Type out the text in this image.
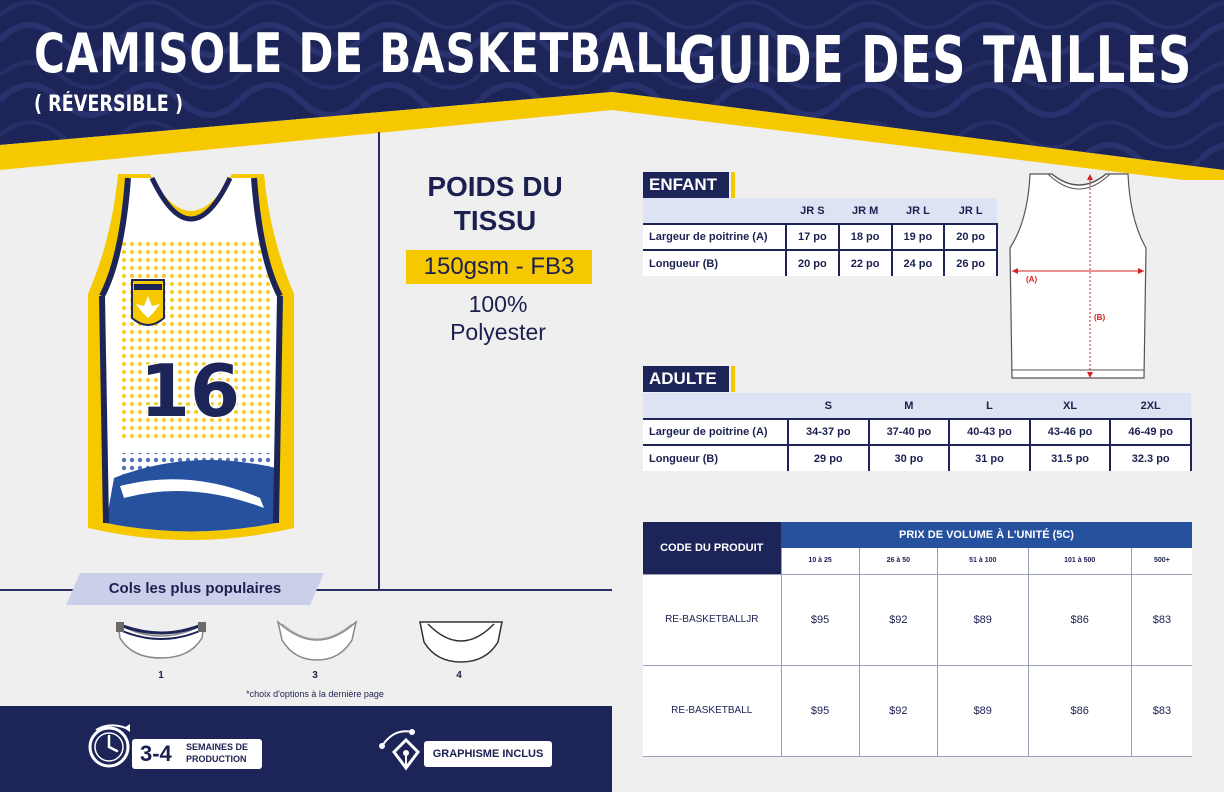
CAMISOLE DE BASKETBALL
( RÉVERSIBLE )
GUIDE DES TAILLES
16
POIDS DU TISSU
150gsm - FB3
100%
Polyester
Cols les plus populaires
1	3	4
*choix d'options à la dernière page
3-4 SEMAINES DE PRODUCTION	GRAPHISME INCLUS
ENFANT
	JR S	JR M	JR L	JR L
Largeur de poitrine (A)	17 po	18 po	19 po	20 po
Longueur (B)	20 po	22 po	24 po	26 po
(A)
(B)
ADULTE
	S	M	L	XL	2XL
Largeur de poitrine (A)	34-37 po	37-40 po	40-43 po	43-46 po	46-49 po
Longueur (B)	29 po	30 po	31 po	31.5 po	32.3 po
CODE DU PRODUIT	PRIX DE VOLUME À L'UNITÉ (5C)				
	10 à 25	26 à 50	51 à 100	101 à 500	500+
RE-BASKETBALLJR	$95	$92	$89	$86	$83
RE-BASKETBALL	$95	$92	$89	$86	$83
